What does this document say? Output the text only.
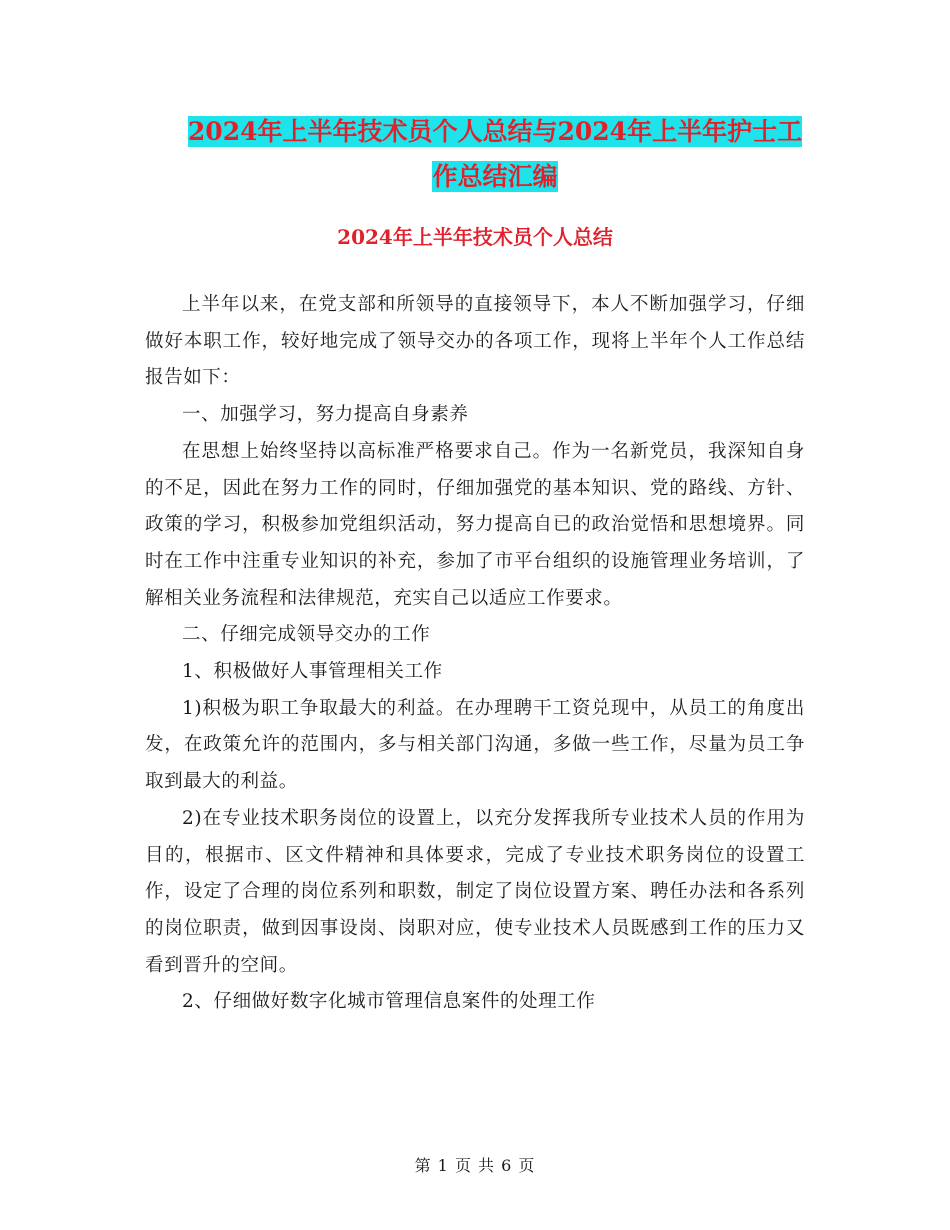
2024年上半年技术员个人总结与2024年上半年护士工
作总结汇编
2024年上半年技术员个人总结

上半年以来，在党支部和所领导的直接领导下，本人不断加强学习，仔细做好本职工作，较好地完成了领导交办的各项工作，现将上半年个人工作总结报告如下：

一、加强学习，努力提高自身素养

在思想上始终坚持以高标准严格要求自己。作为一名新党员，我深知自身的不足，因此在努力工作的同时，仔细加强党的基本知识、党的路线、方针、政策的学习，积极参加党组织活动，努力提高自已的政治觉悟和思想境界。同时在工作中注重专业知识的补充，参加了市平台组织的设施管理业务培训，了解相关业务流程和法律规范，充实自己以适应工作要求。

二、仔细完成领导交办的工作

1、积极做好人事管理相关工作

1)积极为职工争取最大的利益。在办理聘干工资兑现中，从员工的角度出发，在政策允许的范围内，多与相关部门沟通，多做一些工作，尽量为员工争取到最大的利益。

2)在专业技术职务岗位的设置上，以充分发挥我所专业技术人员的作用为目的，根据市、区文件精神和具体要求，完成了专业技术职务岗位的设置工作，设定了合理的岗位系列和职数，制定了岗位设置方案、聘任办法和各系列的岗位职责，做到因事设岗、岗职对应，使专业技术人员既感到工作的压力又看到晋升的空间。

2、仔细做好数字化城市管理信息案件的处理工作

第 1 页 共 6 页
